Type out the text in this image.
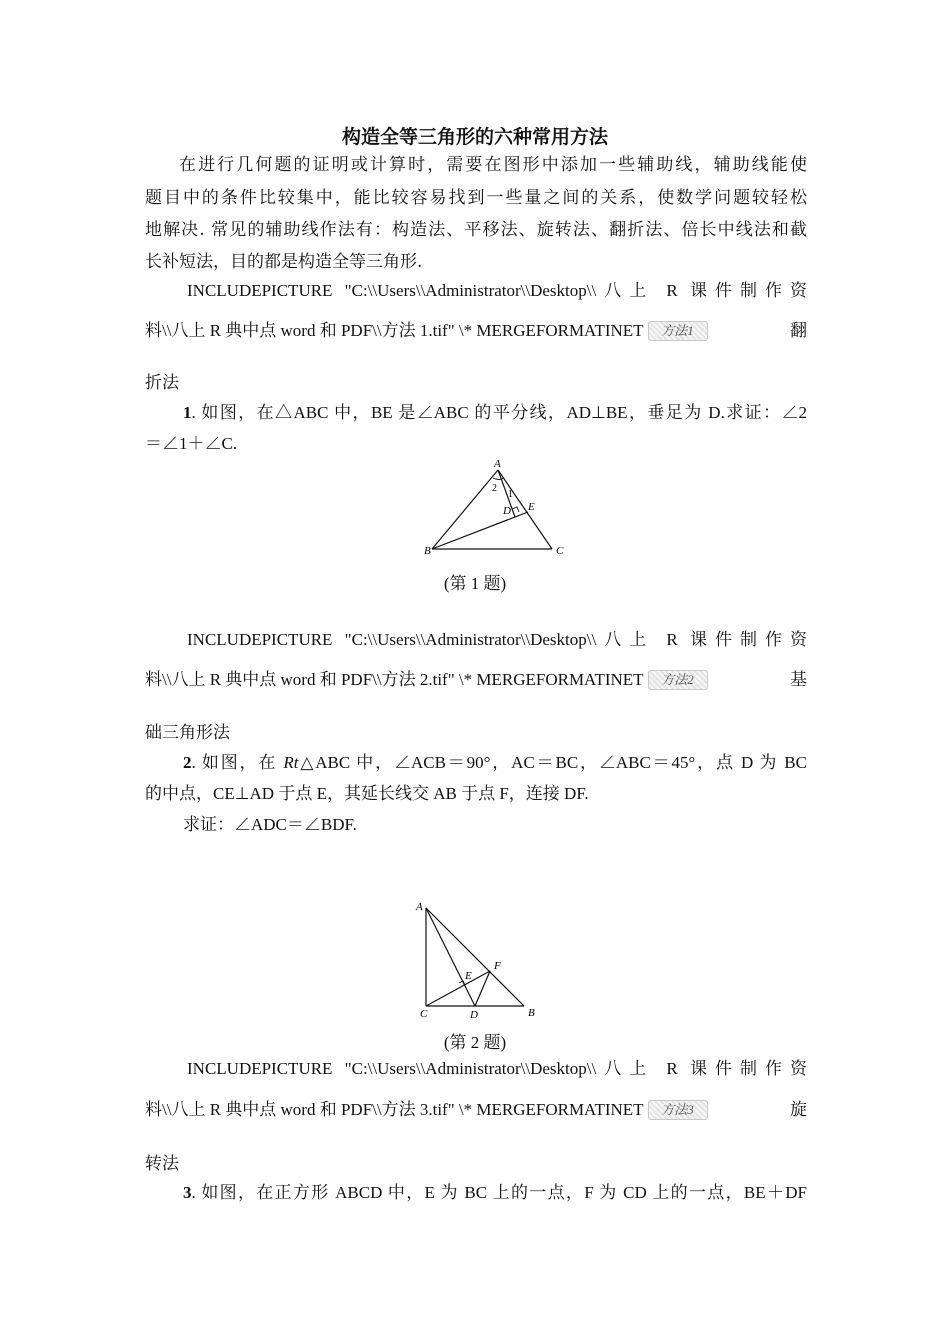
构造全等三角形的六种常用方法
在进行几何题的证明或计算时，需要在图形中添加一些辅助线，辅助线能使
题目中的条件比较集中，能比较容易找到一些量之间的关系，使数学问题较轻松
地解决. 常见的辅助线作法有：构造法、平移法、旋转法、翻折法、倍长中线法和截
长补短法，目的都是构造全等三角形.
INCLUDEPICTURE "C:\\Users\\Administrator\\Desktop\\八上 R 课件制作资
料\\八上 R 典中点 word 和 PDF\\方法 1.tif" \* MERGEFORMATINET	方法1	翻
折法
1. 如图，在△ABC 中，BE 是∠ABC 的平分线，AD⊥BE，垂足为 D.求证：∠2
＝∠1＋∠C.
A
B	C
D E
1
2
(第 1 题)
INCLUDEPICTURE "C:\\Users\\Administrator\\Desktop\\八上 R 课件制作资
料\\八上 R 典中点 word 和 PDF\\方法 2.tif" \* MERGEFORMATINET	方法2	基
础三角形法
2. 如图，在 Rt△ABC 中，∠ACB＝90°，AC＝BC，∠ABC＝45°，点 D 为 BC
的中点，CE⊥AD 于点 E，其延长线交 AB 于点 F，连接 DF.
求证：∠ADC＝∠BDF.
A
B
C	D
E
F
(第 2 题)
INCLUDEPICTURE "C:\\Users\\Administrator\\Desktop\\八上 R 课件制作资
料\\八上 R 典中点 word 和 PDF\\方法 3.tif" \* MERGEFORMATINET	方法3	旋
转法
3. 如图，在正方形 ABCD 中，E 为 BC 上的一点，F 为 CD 上的一点，BE＋DF
